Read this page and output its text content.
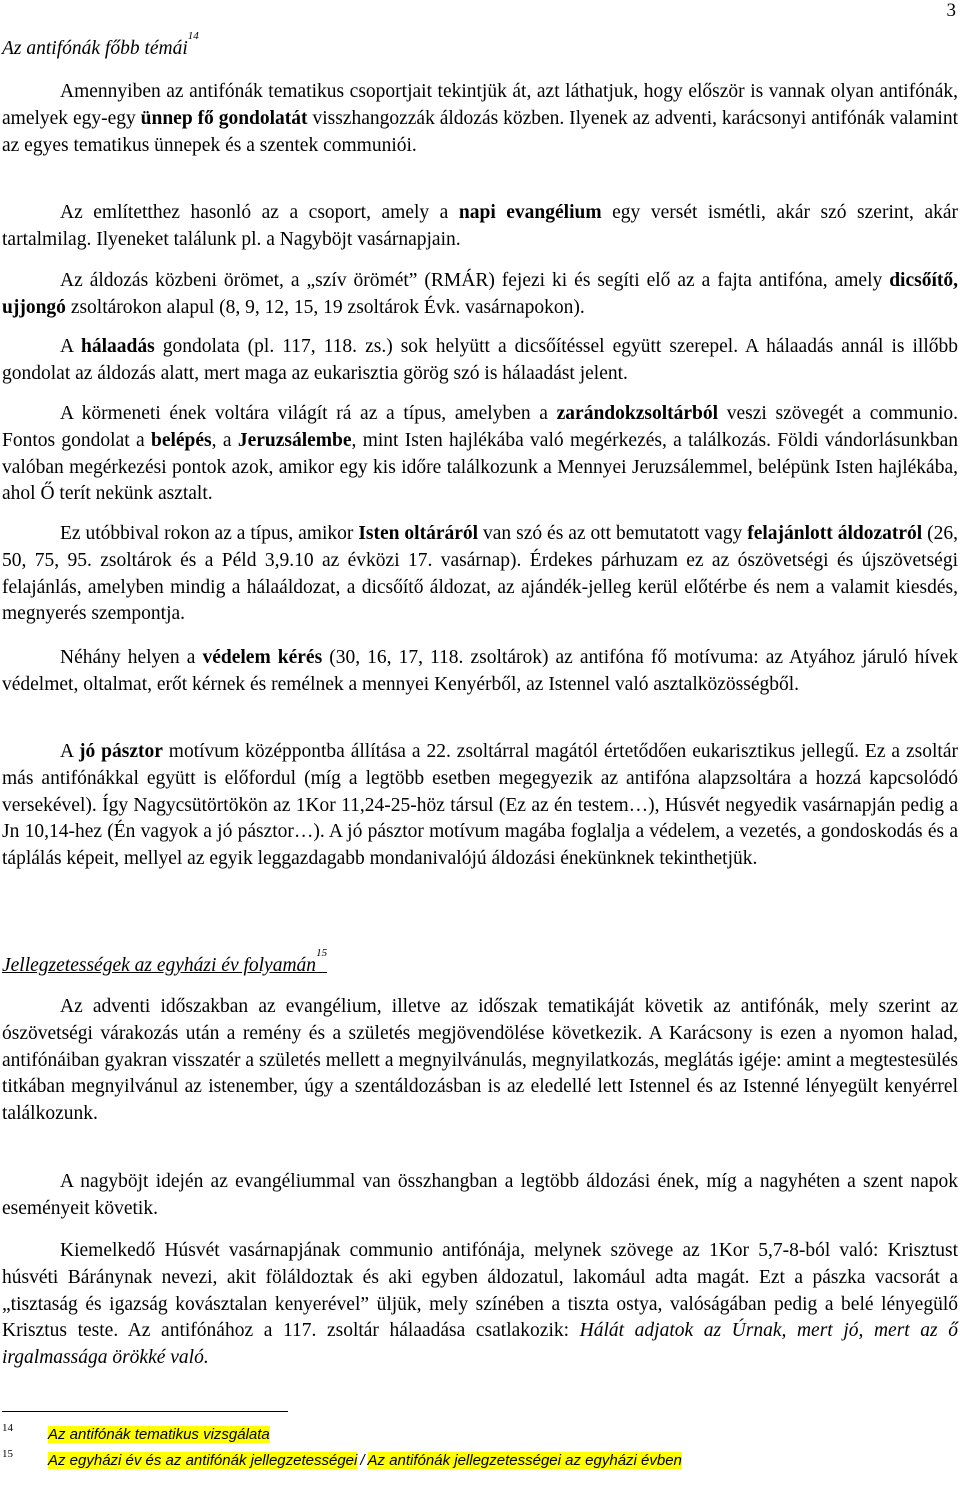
3
Az antifónák főbb témái$^{14}$

Amennyiben az antifónák tematikus csoportjait tekintjük át, azt láthatjuk, hogy először is vannak olyan antifónák, amelyek egy-egy ünnep fő gondolatát visszhangozzák áldozás közben. Ilyenek az adventi, karácsonyi antifónák valamint az egyes tematikus ünnepek és a szentek communiói.

Az említetthez hasonló az a csoport, amely a napi evangélium egy versét ismétli, akár szó szerint, akár tartalmilag. Ilyeneket találunk pl. a Nagyböjt vasárnapjain.

Az áldozás közbeni örömet, a „szív örömét” (RMÁR) fejezi ki és segíti elő az a fajta antifóna, amely dicsőítő, ujjongó zsoltárokon alapul (8, 9, 12, 15, 19 zsoltárok Évk. vasárnapokon).

A hálaadás gondolata (pl. 117, 118. zs.) sok helyütt a dicsőítéssel együtt szerepel. A hálaadás annál is illőbb gondolat az áldozás alatt, mert maga az eukarisztia görög szó is hálaadást jelent.

A körmeneti ének voltára világít rá az a típus, amelyben a zarándokzsoltárból veszi szövegét a communio. Fontos gondolat a belépés, a Jeruzsálembe, mint Isten hajlékába való megérkezés, a találkozás. Földi vándorlásunkban valóban megérkezési pontok azok, amikor egy kis időre találkozunk a Mennyei Jeruzsálemmel, belépünk Isten hajlékába, ahol Ő terít nekünk asztalt.

Ez utóbbival rokon az a típus, amikor Isten oltáráról van szó és az ott bemutatott vagy felajánlott áldozatról (26, 50, 75, 95. zsoltárok és a Péld 3,9.10 az évközi 17. vasárnap). Érdekes párhuzam ez az ószövetségi és újszövetségi felajánlás, amelyben mindig a hálaáldozat, a dicsőítő áldozat, az ajándék-jelleg kerül előtérbe és nem a valamit kiesdés, megnyerés szempontja.

Néhány helyen a védelem kérés (30, 16, 17, 118. zsoltárok) az antifóna fő motívuma: az Atyához járuló hívek védelmet, oltalmat, erőt kérnek és remélnek a mennyei Kenyérből, az Istennel való asztalközösségből.

A jó pásztor motívum középpontba állítása a 22. zsoltárral magától értetődően eukarisztikus jellegű. Ez a zsoltár más antifónákkal együtt is előfordul (míg a legtöbb esetben megegyezik az antifóna alapzsoltára a hozzá kapcsolódó versekével). Így Nagycsütörtökön az 1Kor 11,24-25-höz társul (Ez az én testem…), Húsvét negyedik vasárnapján pedig a Jn 10,14-hez (Én vagyok a jó pásztor…). A jó pásztor motívum magába foglalja a védelem, a vezetés, a gondoskodás és a táplálás képeit, mellyel az egyik leggazdagabb mondanivalójú áldozási énekünknek tekinthetjük.

Jellegzetességek az egyházi év folyamán$^{15}$

Az adventi időszakban az evangélium, illetve az időszak tematikáját követik az antifónák, mely szerint az ószövetségi várakozás után a remény és a születés megjövendölése következik. A Karácsony is ezen a nyomon halad, antifónáiban gyakran visszatér a születés mellett a megnyilvánulás, megnyilatkozás, meglátás igéje: amint a megtestesülés titkában megnyilvánul az istenember, úgy a szentáldozásban is az eledellé lett Istennel és az Istenné lényegült kenyérrel találkozunk.

A nagyböjt idején az evangéliummal van összhangban a legtöbb áldozási ének, míg a nagyhéten a szent napok eseményeit követik.

Kiemelkedő Húsvét vasárnapjának communio antifónája, melynek szövege az 1Kor 5,7-8-ból való: Krisztust húsvéti Báránynak nevezi, akit föláldoztak és aki egyben áldozatul, lakomául adta magát. Ezt a pászka vacsorát a „tisztaság és igazság kovásztalan kenyerével” üljük, mely színében a tiszta ostya, valóságában pedig a belé lényegülő Krisztus teste. Az antifónához a 117. zsoltár hálaadása csatlakozik: Hálát adjatok az Úrnak, mert jó, mert az ő irgalmassága örökké való.

14 Az antifónák tematikus vizsgálata
15 Az egyházi év és az antifónák jellegzetességei / Az antifónák jellegzetességei az egyházi évben
